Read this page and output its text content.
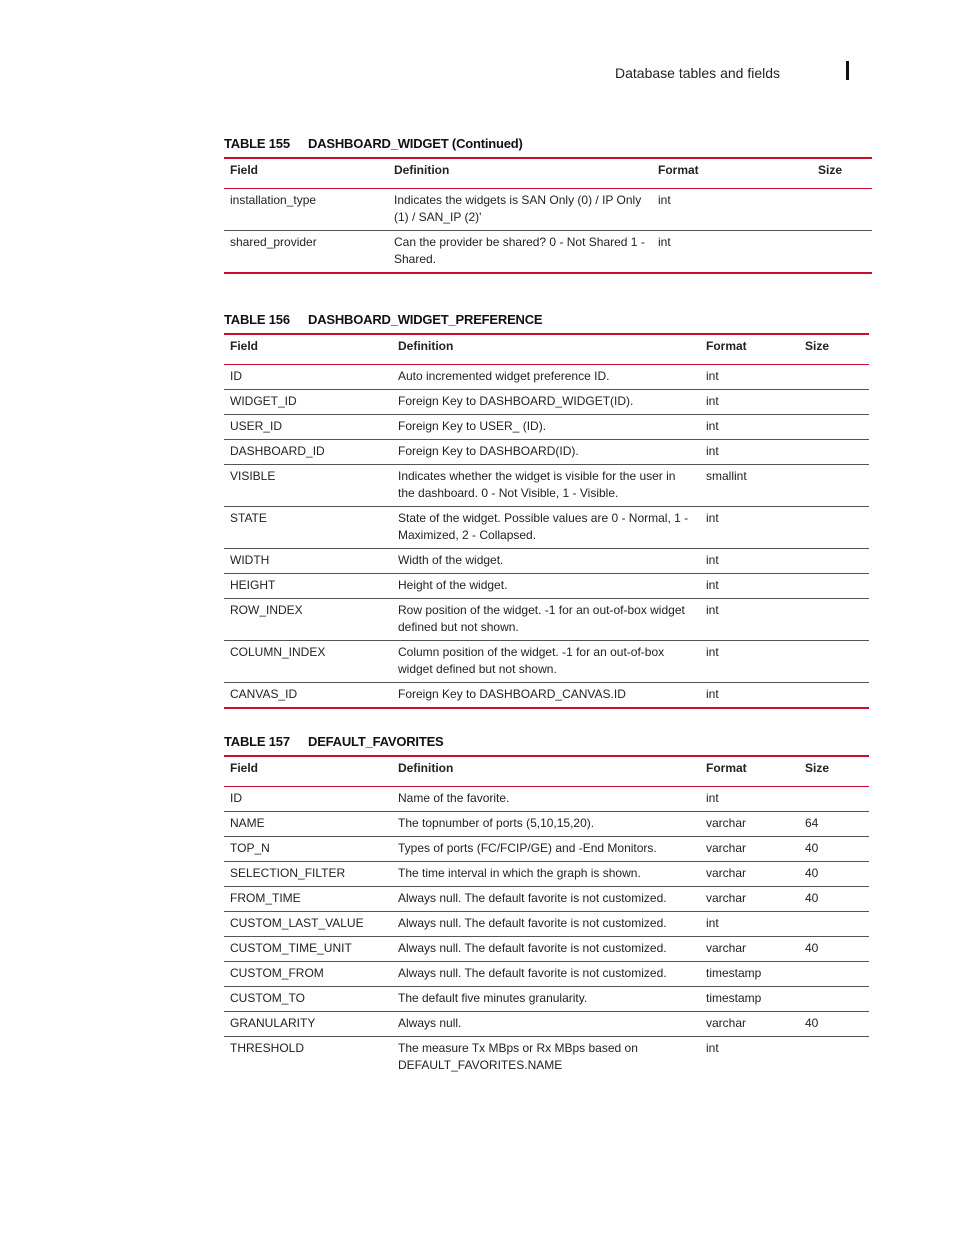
Database tables and fields
TABLE 155 DASHBOARD_WIDGET (Continued)
Field	Definition	Format	Size
installation_type	Indicates the widgets is SAN Only (0) / IP Only (1) / SAN_IP (2)'	int	
shared_provider	Can the provider be shared? 0 - Not Shared 1 - Shared.	int	
TABLE 156 DASHBOARD_WIDGET_PREFERENCE
Field	Definition	Format	Size
ID	Auto incremented widget preference ID.	int	
WIDGET_ID	Foreign Key to DASHBOARD_WIDGET(ID).	int	
USER_ID	Foreign Key to USER_ (ID).	int	
DASHBOARD_ID	Foreign Key to DASHBOARD(ID).	int	
VISIBLE	Indicates whether the widget is visible for the user in the dashboard. 0 - Not Visible, 1 - Visible.	smallint	
STATE	State of the widget. Possible values are 0 - Normal, 1 - Maximized, 2 - Collapsed.	int	
WIDTH	Width of the widget.	int	
HEIGHT	Height of the widget.	int	
ROW_INDEX	Row position of the widget. -1 for an out-of-box widget defined but not shown.	int	
COLUMN_INDEX	Column position of the widget. -1 for an out-of-box widget defined but not shown.	int	
CANVAS_ID	Foreign Key to DASHBOARD_CANVAS.ID	int	
TABLE 157 DEFAULT_FAVORITES
Field	Definition	Format	Size
ID	Name of the favorite.	int	
NAME	The topnumber of ports (5,10,15,20).	varchar	64
TOP_N	Types of ports (FC/FCIP/GE) and -End Monitors.	varchar	40
SELECTION_FILTER	The time interval in which the graph is shown.	varchar	40
FROM_TIME	Always null. The default favorite is not customized.	varchar	40
CUSTOM_LAST_VALUE	Always null. The default favorite is not customized.	int	
CUSTOM_TIME_UNIT	Always null. The default favorite is not customized.	varchar	40
CUSTOM_FROM	Always null. The default favorite is not customized.	timestamp	
CUSTOM_TO	The default five minutes granularity.	timestamp	
GRANULARITY	Always null.	varchar	40
THRESHOLD	The measure Tx MBps or Rx MBps based on DEFAULT_FAVORITES.NAME	int	
